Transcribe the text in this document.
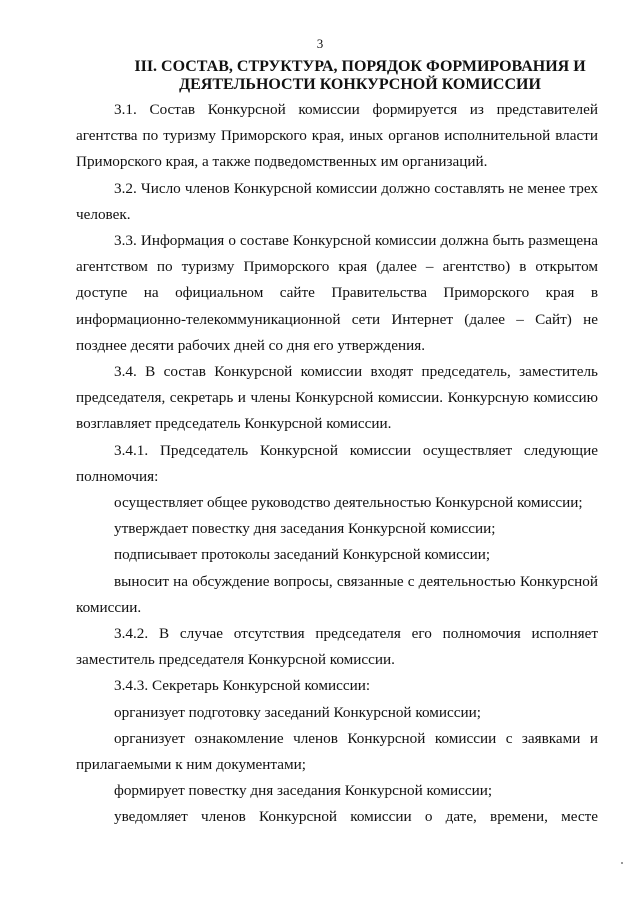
3
III. СОСТАВ, СТРУКТУРА, ПОРЯДОК ФОРМИРОВАНИЯ И
ДЕЯТЕЛЬНОСТИ КОНКУРСНОЙ КОМИССИИ

3.1. Состав Конкурсной комиссии формируется из представителей агентства по туризму Приморского края, иных органов исполнительной власти Приморского края, а также подведомственных им организаций.

3.2. Число членов Конкурсной комиссии должно составлять не менее трех человек.

3.3. Информация о составе Конкурсной комиссии должна быть размещена агентством по туризму Приморского края (далее – агентство) в открытом доступе на официальном сайте Правительства Приморского края в информационно-телекоммуникационной сети Интернет (далее – Сайт) не позднее десяти рабочих дней со дня его утверждения.

3.4. В состав Конкурсной комиссии входят председатель, заместитель председателя, секретарь и члены Конкурсной комиссии. Конкурсную комиссию возглавляет председатель Конкурсной комиссии.

3.4.1. Председатель Конкурсной комиссии осуществляет следующие полномочия:

осуществляет общее руководство деятельностью Конкурсной комиссии;

утверждает повестку дня заседания Конкурсной комиссии;

подписывает протоколы заседаний Конкурсной комиссии;

выносит на обсуждение вопросы, связанные с деятельностью Конкурсной комиссии.

3.4.2. В случае отсутствия председателя его полномочия исполняет заместитель председателя Конкурсной комиссии.

3.4.3. Секретарь Конкурсной комиссии:

организует подготовку заседаний Конкурсной комиссии;

организует ознакомление членов Конкурсной комиссии с заявками и прилагаемыми к ним документами;

формирует повестку дня заседания Конкурсной комиссии;

уведомляет членов Конкурсной комиссии о дате, времени, месте
